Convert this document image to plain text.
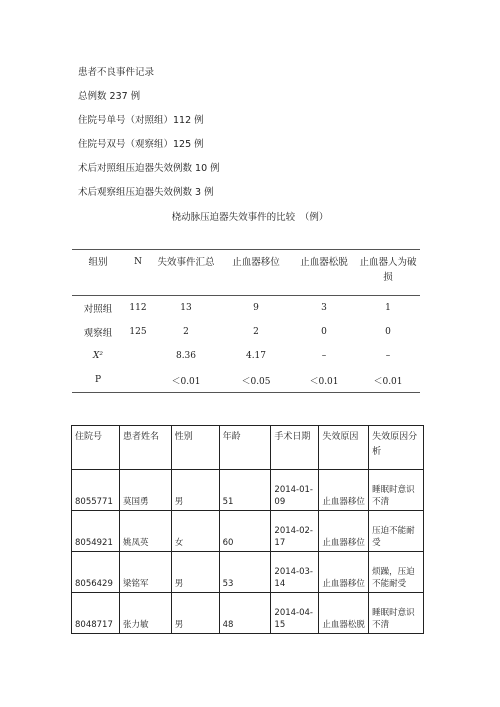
患者不良事件记录
总例数 237 例
住院号单号（对照组）112 例
住院号双号（观察组）125 例
术后对照组压迫器失效例数 10 例
术后观察组压迫器失效例数 3 例
桡动脉压迫器失效事件的比较　（例）
组别	N	失效事件汇总	止血器移位	止血器松脱	止血器人为破损
对照组	112	13	9	3	1
观察组	125	2	2	0	0
X²		8.36	4.17	–	–
P		＜0.01	＜0.05	＜0.01	＜0.01
住院号	患者姓名	性别	年龄	手术日期	失效原因	失效原因分析
8055771	莫国勇	男	51	2014-01-09	止血器移位	睡眠时意识不清
8054921	姚凤英	女	60	2014-02-17	止血器移位	压迫不能耐受
8056429	梁铭军	男	53	2014-03-14	止血器移位	烦躁，压迫不能耐受
8048717	张力敏	男	48	2014-04-15	止血器松脱	睡眠时意识不清
